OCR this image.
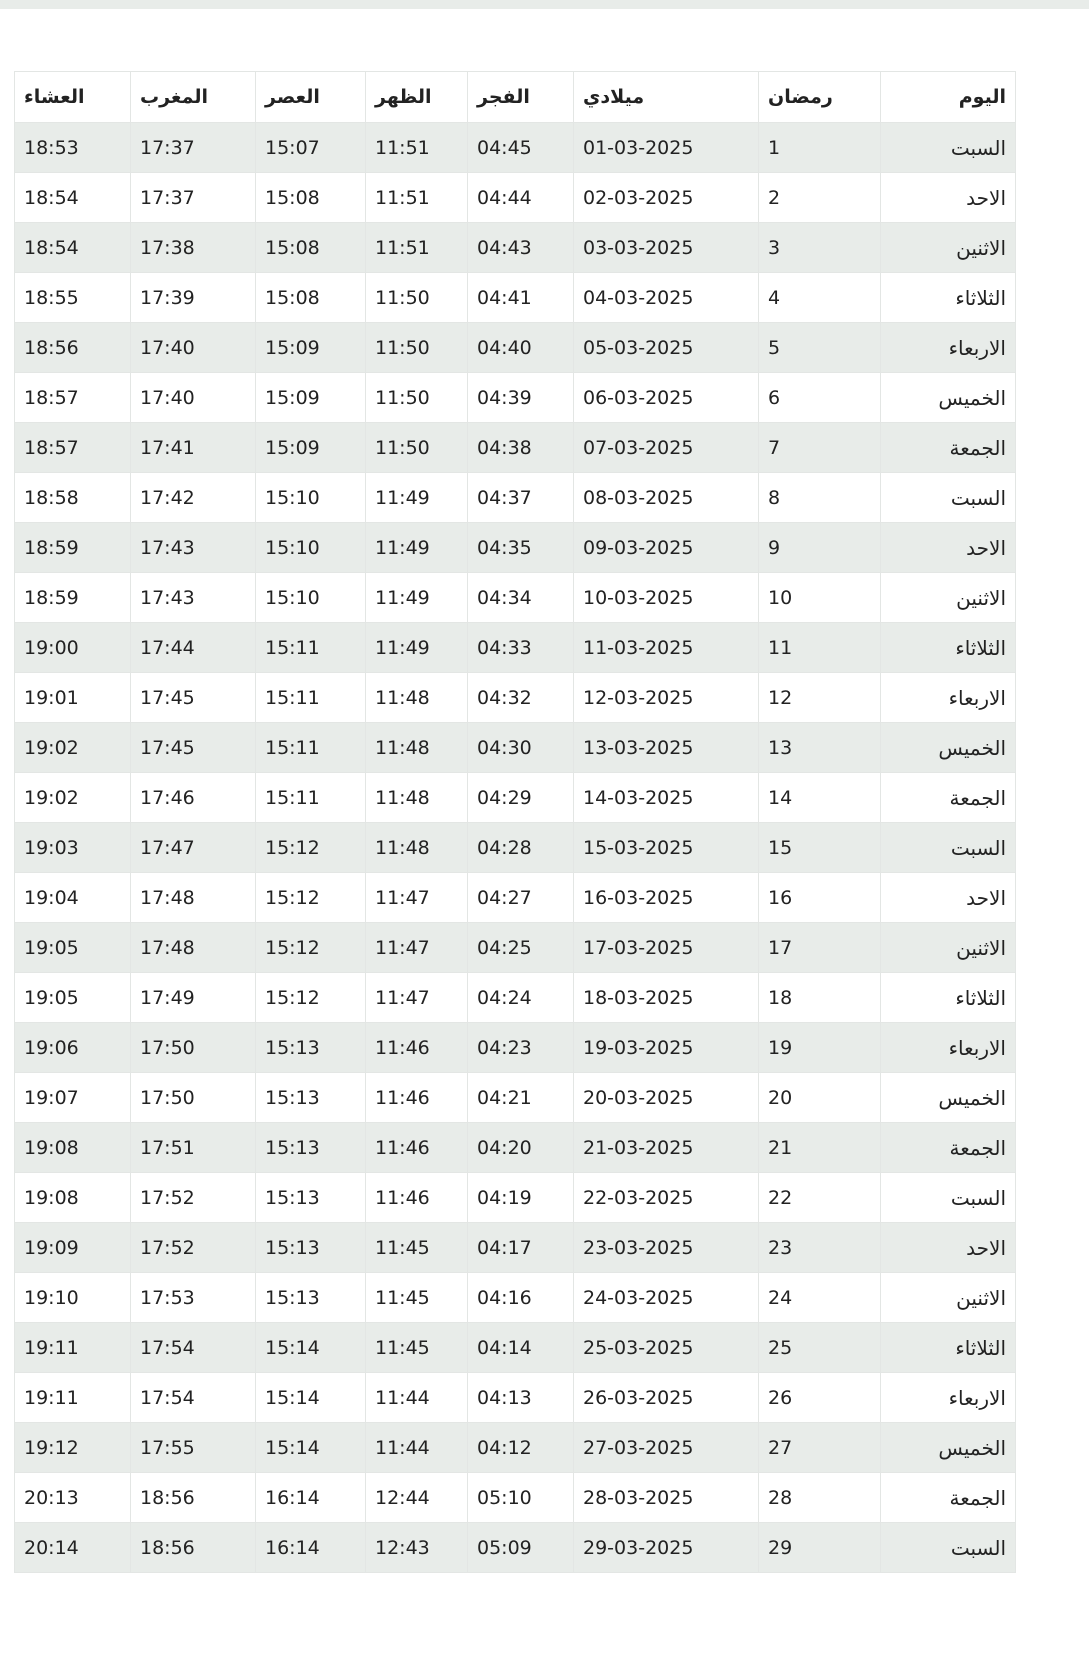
اليوم	رمضان	ميلادي	الفجر	الظهر	العصر	المغرب	العشاء
السبت	1	01-03-2025	04:45	11:51	15:07	17:37	18:53
الاحد	2	02-03-2025	04:44	11:51	15:08	17:37	18:54
الاثنين	3	03-03-2025	04:43	11:51	15:08	17:38	18:54
الثلاثاء	4	04-03-2025	04:41	11:50	15:08	17:39	18:55
الاربعاء	5	05-03-2025	04:40	11:50	15:09	17:40	18:56
الخميس	6	06-03-2025	04:39	11:50	15:09	17:40	18:57
الجمعة	7	07-03-2025	04:38	11:50	15:09	17:41	18:57
السبت	8	08-03-2025	04:37	11:49	15:10	17:42	18:58
الاحد	9	09-03-2025	04:35	11:49	15:10	17:43	18:59
الاثنين	10	10-03-2025	04:34	11:49	15:10	17:43	18:59
الثلاثاء	11	11-03-2025	04:33	11:49	15:11	17:44	19:00
الاربعاء	12	12-03-2025	04:32	11:48	15:11	17:45	19:01
الخميس	13	13-03-2025	04:30	11:48	15:11	17:45	19:02
الجمعة	14	14-03-2025	04:29	11:48	15:11	17:46	19:02
السبت	15	15-03-2025	04:28	11:48	15:12	17:47	19:03
الاحد	16	16-03-2025	04:27	11:47	15:12	17:48	19:04
الاثنين	17	17-03-2025	04:25	11:47	15:12	17:48	19:05
الثلاثاء	18	18-03-2025	04:24	11:47	15:12	17:49	19:05
الاربعاء	19	19-03-2025	04:23	11:46	15:13	17:50	19:06
الخميس	20	20-03-2025	04:21	11:46	15:13	17:50	19:07
الجمعة	21	21-03-2025	04:20	11:46	15:13	17:51	19:08
السبت	22	22-03-2025	04:19	11:46	15:13	17:52	19:08
الاحد	23	23-03-2025	04:17	11:45	15:13	17:52	19:09
الاثنين	24	24-03-2025	04:16	11:45	15:13	17:53	19:10
الثلاثاء	25	25-03-2025	04:14	11:45	15:14	17:54	19:11
الاربعاء	26	26-03-2025	04:13	11:44	15:14	17:54	19:11
الخميس	27	27-03-2025	04:12	11:44	15:14	17:55	19:12
الجمعة	28	28-03-2025	05:10	12:44	16:14	18:56	20:13
السبت	29	29-03-2025	05:09	12:43	16:14	18:56	20:14
